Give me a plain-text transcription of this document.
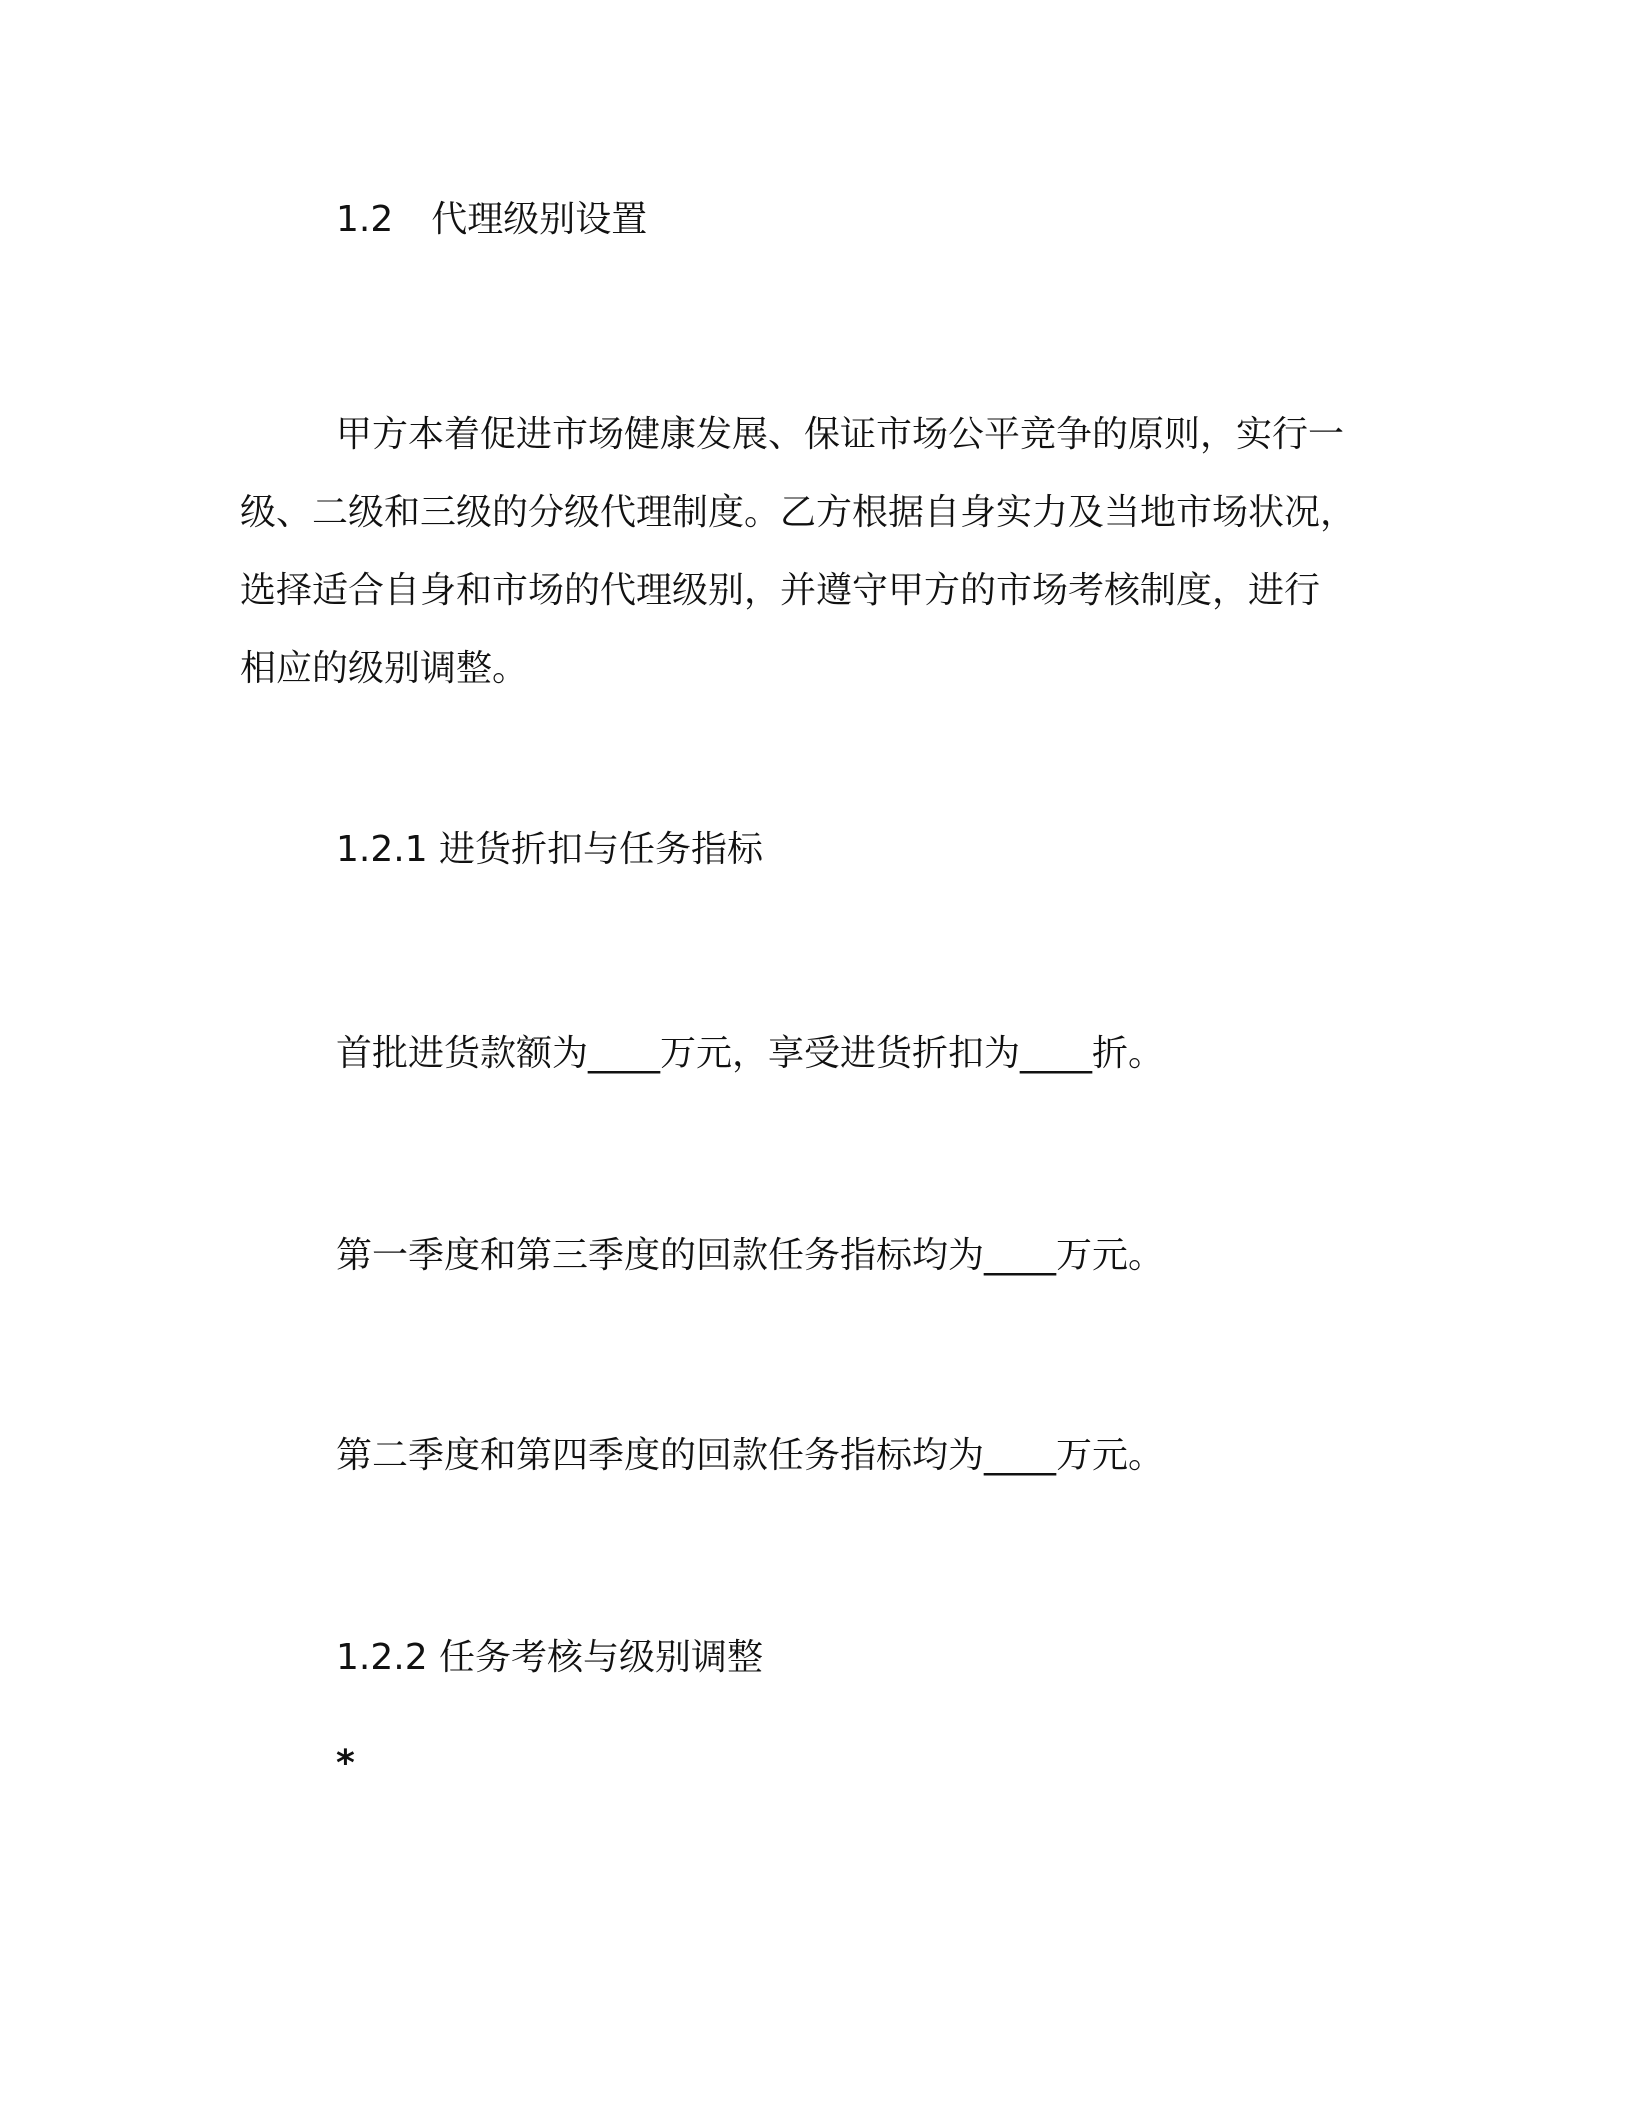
1.2 代理级别设置
甲方本着促进市场健康发展、保证市场公平竞争的原则，实行一
级、二级和三级的分级代理制度。乙方根据自身实力及当地市场状况，
选择适合自身和市场的代理级别，并遵守甲方的市场考核制度，进行
相应的级别调整。
1.2.1 进货折扣与任务指标
首批进货款额为____万元，享受进货折扣为____折。
第一季度和第三季度的回款任务指标均为____万元。
第二季度和第四季度的回款任务指标均为____万元。
1.2.2 任务考核与级别调整
*
